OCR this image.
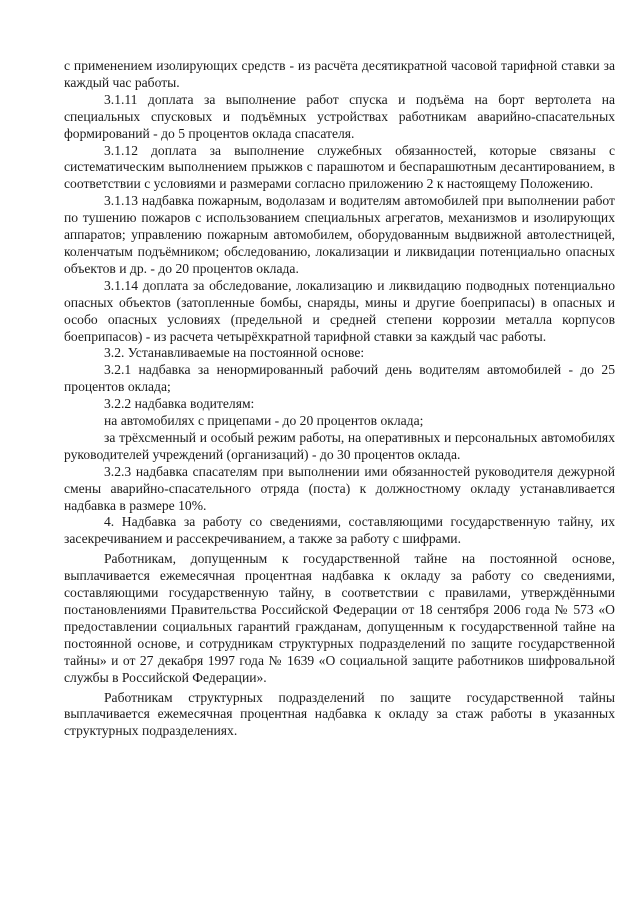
с применением изолирующих средств - из расчёта десятикратной часовой тарифной ставки за каждый час работы.

3.1.11 доплата за выполнение работ спуска и подъёма на борт вертолета на специальных спусковых и подъёмных устройствах работникам аварийно-спасательных формирований - до 5 процентов оклада спасателя.

3.1.12 доплата за выполнение служебных обязанностей, которые связаны с систематическим выполнением прыжков с парашютом и беспарашютным десантированием, в соответствии с условиями и размерами согласно приложению 2 к настоящему Положению.

3.1.13 надбавка пожарным, водолазам и водителям автомобилей при выполнении работ по тушению пожаров с использованием специальных агрегатов, механизмов и изолирующих аппаратов; управлению пожарным автомобилем, оборудованным выдвижной автолестницей, коленчатым подъёмником; обследованию, локализации и ликвидации потенциально опасных объектов и др. - до 20 процентов оклада.

3.1.14 доплата за обследование, локализацию и ликвидацию подводных потенциально опасных объектов (затопленные бомбы, снаряды, мины и другие боеприпасы) в опасных и особо опасных условиях (предельной и средней степени коррозии металла корпусов боеприпасов) - из расчета четырёхкратной тарифной ставки за каждый час работы.

3.2. Устанавливаемые на постоянной основе:

3.2.1 надбавка за ненормированный рабочий день водителям автомобилей - до 25 процентов оклада;

3.2.2 надбавка водителям:

на автомобилях с прицепами - до 20 процентов оклада;

за трёхсменный и особый режим работы, на оперативных и персональных автомобилях руководителей учреждений (организаций) - до 30 процентов оклада.

3.2.3 надбавка спасателям при выполнении ими обязанностей руководителя дежурной смены аварийно-спасательного отряда (поста) к должностному окладу устанавливается надбавка в размере 10%.

4. Надбавка за работу со сведениями, составляющими государственную тайну, их засекречиванием и рассекречиванием, а также за работу с шифрами.

Работникам, допущенным к государственной тайне на постоянной основе, выплачивается ежемесячная процентная надбавка к окладу за работу со сведениями, составляющими государственную тайну, в соответствии с правилами, утверждёнными постановлениями Правительства Российской Федерации от 18 сентября 2006 года № 573 «О предоставлении социальных гарантий гражданам, допущенным к государственной тайне на постоянной основе, и сотрудникам структурных подразделений по защите государственной тайны» и от 27 декабря 1997 года № 1639 «О социальной защите работников шифровальной службы в Российской Федерации».

Работникам структурных подразделений по защите государственной тайны выплачивается ежемесячная процентная надбавка к окладу за стаж работы в указанных структурных подразделениях.
